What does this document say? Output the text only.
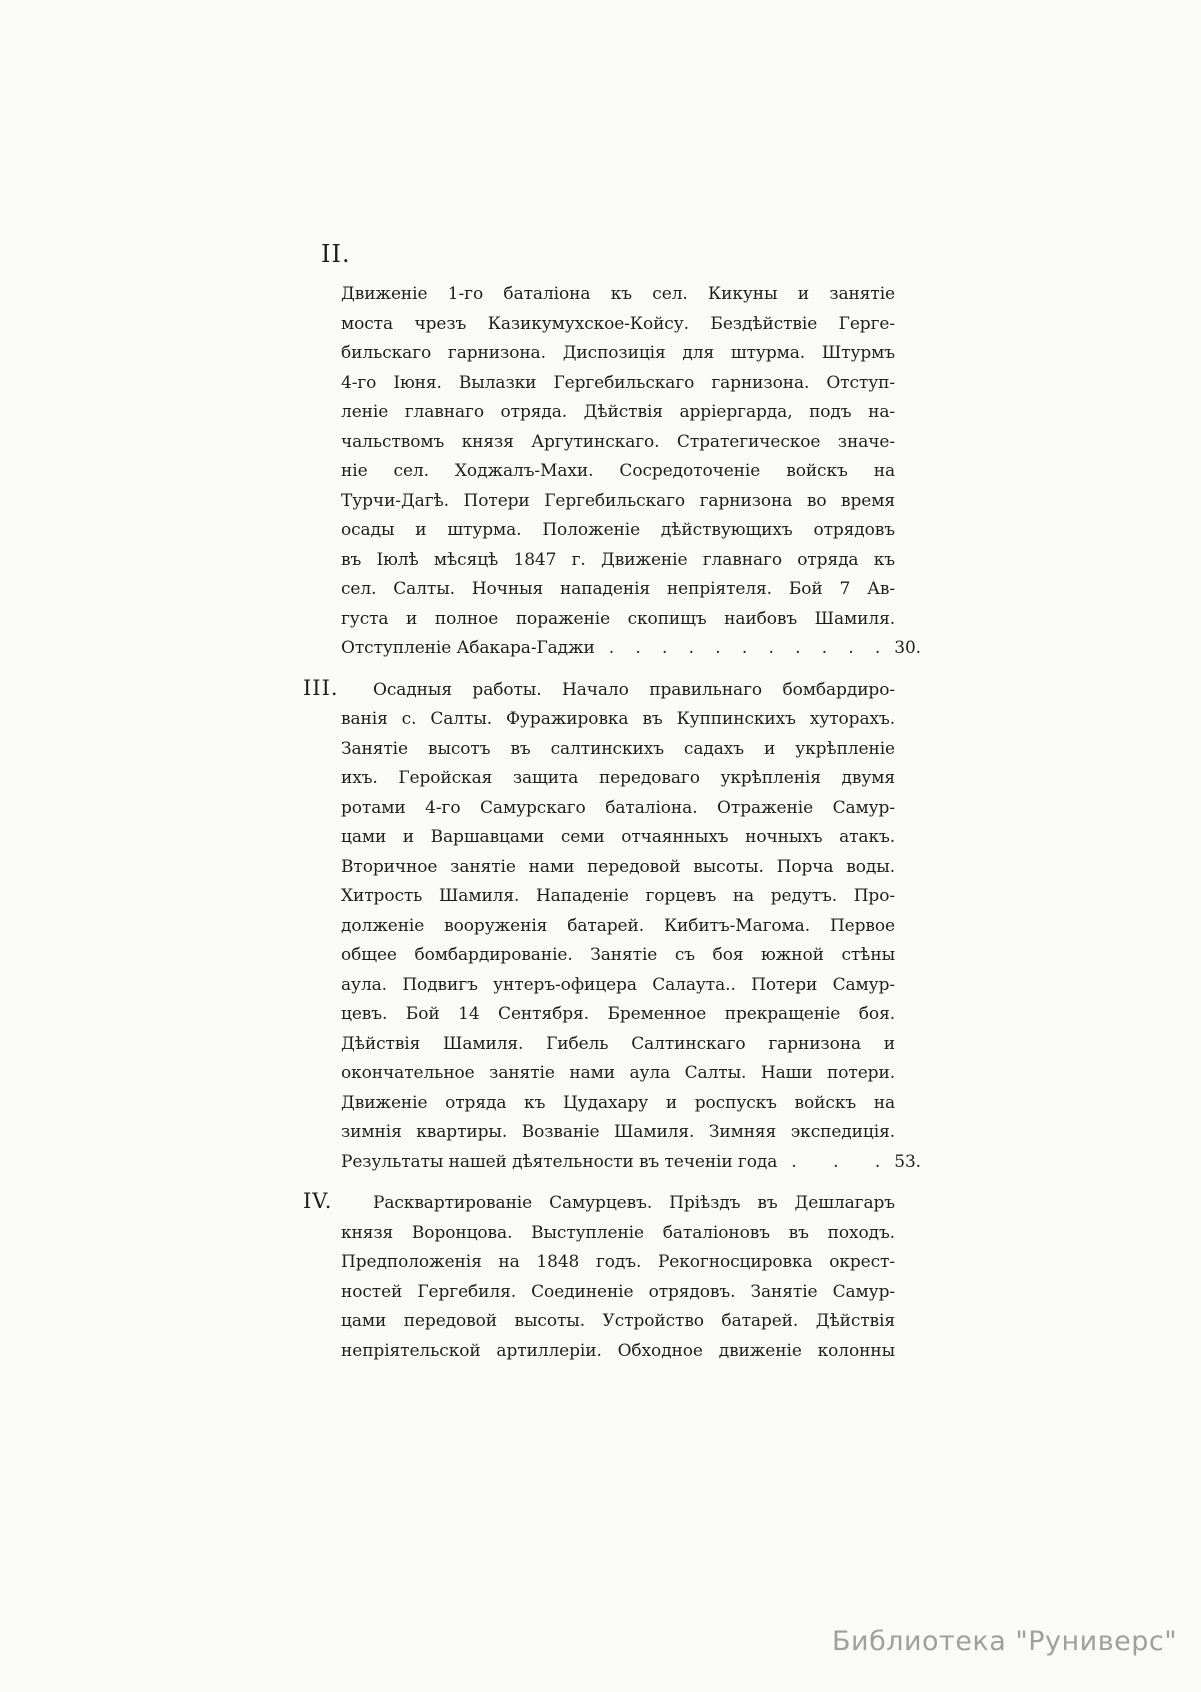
II.
Движеніе 1-го баталіона къ сел. Кикуны и занятіе
моста чрезъ Казикумухское-Койсу. Бездѣйствіе Герге-
бильскаго гарнизона. Диспозиція для штурма. Штурмъ
4-го Іюня. Вылазки Гергебильскаго гарнизона. Отступ-
леніе главнаго отряда. Дѣйствія арріергарда, подъ на-
чальствомъ князя Аргутинскаго. Стратегическое значе-
ніе сел. Ходжалъ-Махи. Сосредоточеніе войскъ на
Турчи-Дагѣ. Потери Гергебильскаго гарнизона во время
осады и штурма. Положеніе дѣйствующихъ отрядовъ
въ Іюлѣ мѣсяцѣ 1847 г. Движеніе главнаго отряда къ
сел. Салты. Ночныя нападенія непріятеля. Бой 7 Ав-
густа и полное пораженіе скопищъ наибовъ Шамиля.
Отступленіе Абакара-Гаджи . . . . . . . . . . . 30.
III.	Осадныя работы. Начало правильнаго бомбардиро-
ванія с. Салты. Фуражировка въ Куппинскихъ хуторахъ.
Занятіе высотъ въ салтинскихъ садахъ и укрѣпленіе
ихъ. Геройская защита передоваго укрѣпленія двумя
ротами 4-го Самурскаго баталіона. Отраженіе Самур-
цами и Варшавцами семи отчаянныхъ ночныхъ атакъ.
Вторичное занятіе нами передовой высоты. Порча воды.
Хитрость Шамиля. Нападеніе горцевъ на редутъ. Про-
долженіе вооруженія батарей. Кибитъ-Магома. Первое
общее бомбардированіе. Занятіе съ боя южной стѣны
аула. Подвигъ унтеръ-офицера Салаута.. Потери Самур-
цевъ. Бой 14 Сентября. Бременное прекращеніе боя.
Дѣйствія Шамиля. Гибель Салтинскаго гарнизона и
окончательное занятіе нами аула Салты. Наши потери.
Движеніе отряда къ Цудахару и роспускъ войскъ на
зимнія квартиры. Возваніе Шамиля. Зимняя экспедиція.
Результаты нашей дѣятельности въ теченіи года . . . 53.
IV.	Расквартированіе Самурцевъ. Пріѣздъ въ Дешлагаръ
князя Воронцова. Выступленіе баталіоновъ въ походъ.
Предположенія на 1848 годъ. Рекогносцировка окрест-
ностей Гергебиля. Соединеніе отрядовъ. Занятіе Самур-
цами передовой высоты. Устройство батарей. Дѣйствія
непріятельской артиллеріи. Обходное движеніе колонны
Библиотека "Руниверс"
